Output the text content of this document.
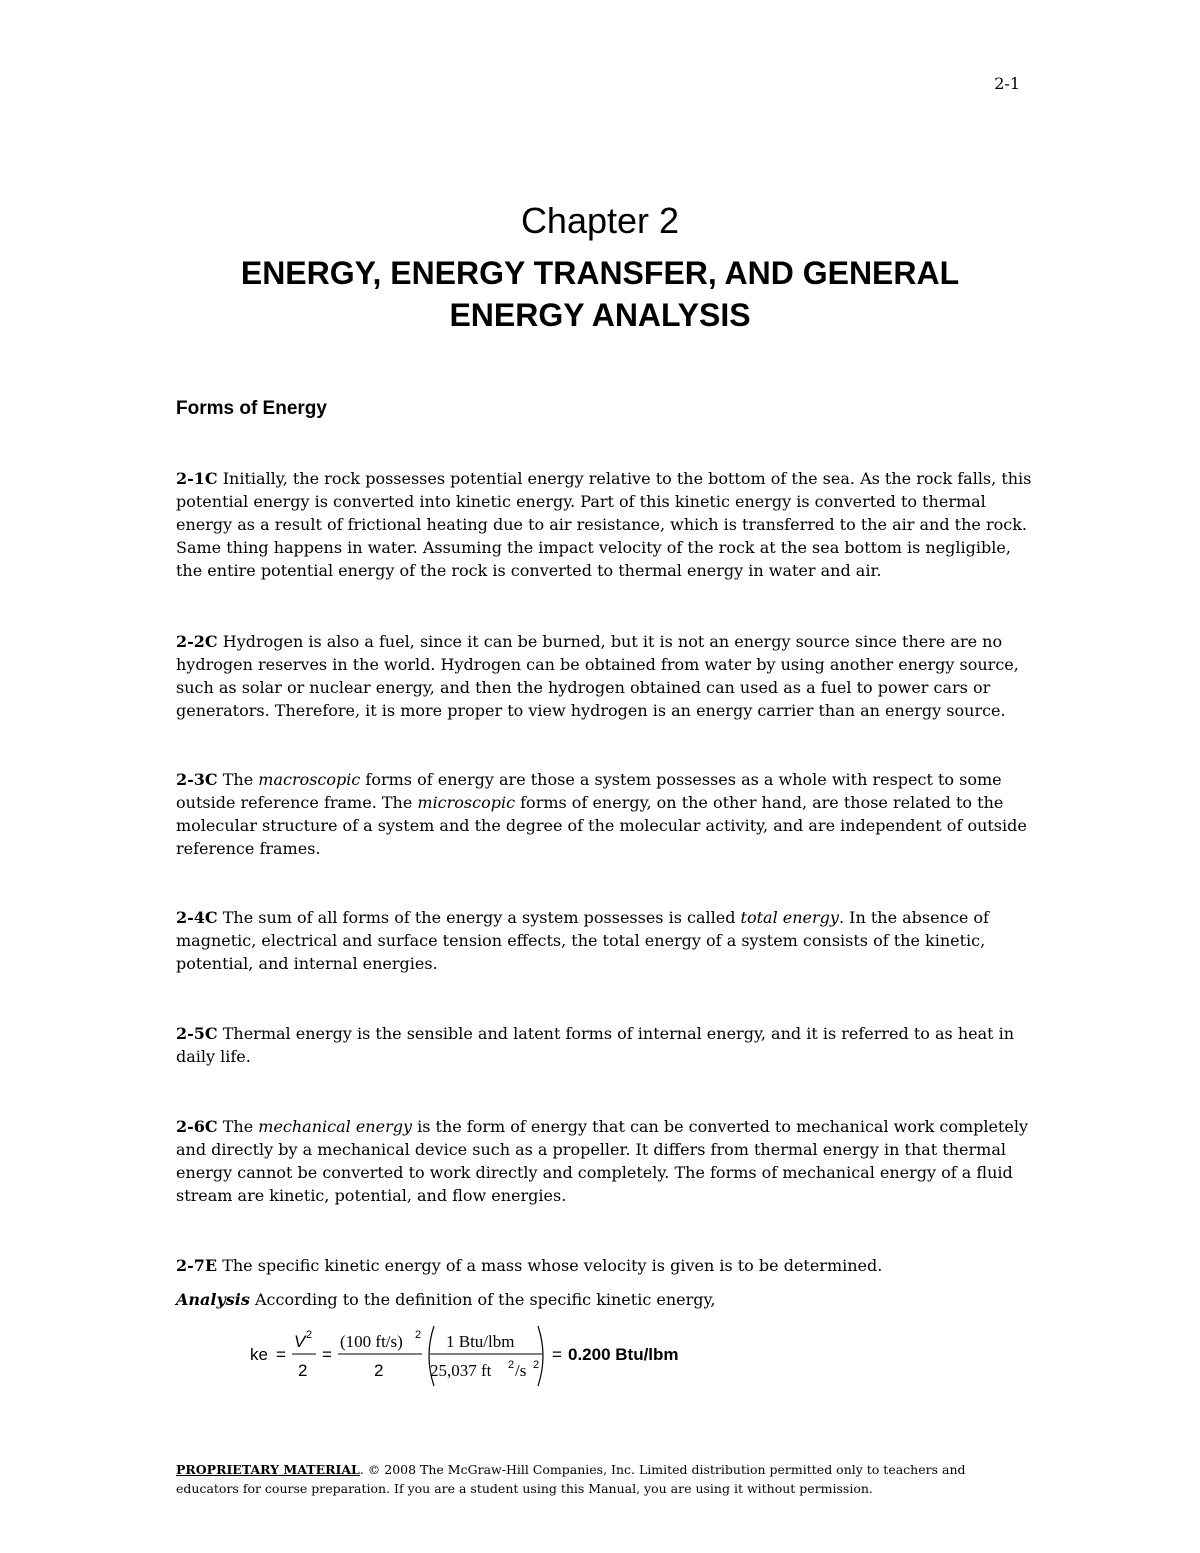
2-1
Chapter 2
ENERGY, ENERGY TRANSFER, AND GENERAL
ENERGY ANALYSIS
Forms of Energy
2-1C Initially, the rock possesses potential energy relative to the bottom of the sea. As the rock falls, this potential energy is converted into kinetic energy. Part of this kinetic energy is converted to thermal energy as a result of frictional heating due to air resistance, which is transferred to the air and the rock. Same thing happens in water. Assuming the impact velocity of the rock at the sea bottom is negligible, the entire potential energy of the rock is converted to thermal energy in water and air.
2-2C Hydrogen is also a fuel, since it can be burned, but it is not an energy source since there are no hydrogen reserves in the world. Hydrogen can be obtained from water by using another energy source, such as solar or nuclear energy, and then the hydrogen obtained can used as a fuel to power cars or generators. Therefore, it is more proper to view hydrogen is an energy carrier than an energy source.
2-3C The macroscopic forms of energy are those a system possesses as a whole with respect to some outside reference frame. The microscopic forms of energy, on the other hand, are those related to the molecular structure of a system and the degree of the molecular activity, and are independent of outside reference frames.
2-4C The sum of all forms of the energy a system possesses is called total energy. In the absence of magnetic, electrical and surface tension effects, the total energy of a system consists of the kinetic, potential, and internal energies.
2-5C Thermal energy is the sensible and latent forms of internal energy, and it is referred to as heat in daily life.
2-6C The mechanical energy is the form of energy that can be converted to mechanical work completely and directly by a mechanical device such as a propeller. It differs from thermal energy in that thermal energy cannot be converted to work directly and completely. The forms of mechanical energy of a fluid stream are kinetic, potential, and flow energies.
2-7E The specific kinetic energy of a mass whose velocity is given is to be determined.
Analysis According to the definition of the specific kinetic energy,
ke =
V 2
2
=
(100 ft/s) 2
2
1 Btu/lbm
25,037 ft 2 /s 2
= 0.200 Btu/lbm
PROPRIETARY MATERIAL. © 2008 The McGraw-Hill Companies, Inc. Limited distribution permitted only to teachers and educators for course preparation. If you are a student using this Manual, you are using it without permission.
